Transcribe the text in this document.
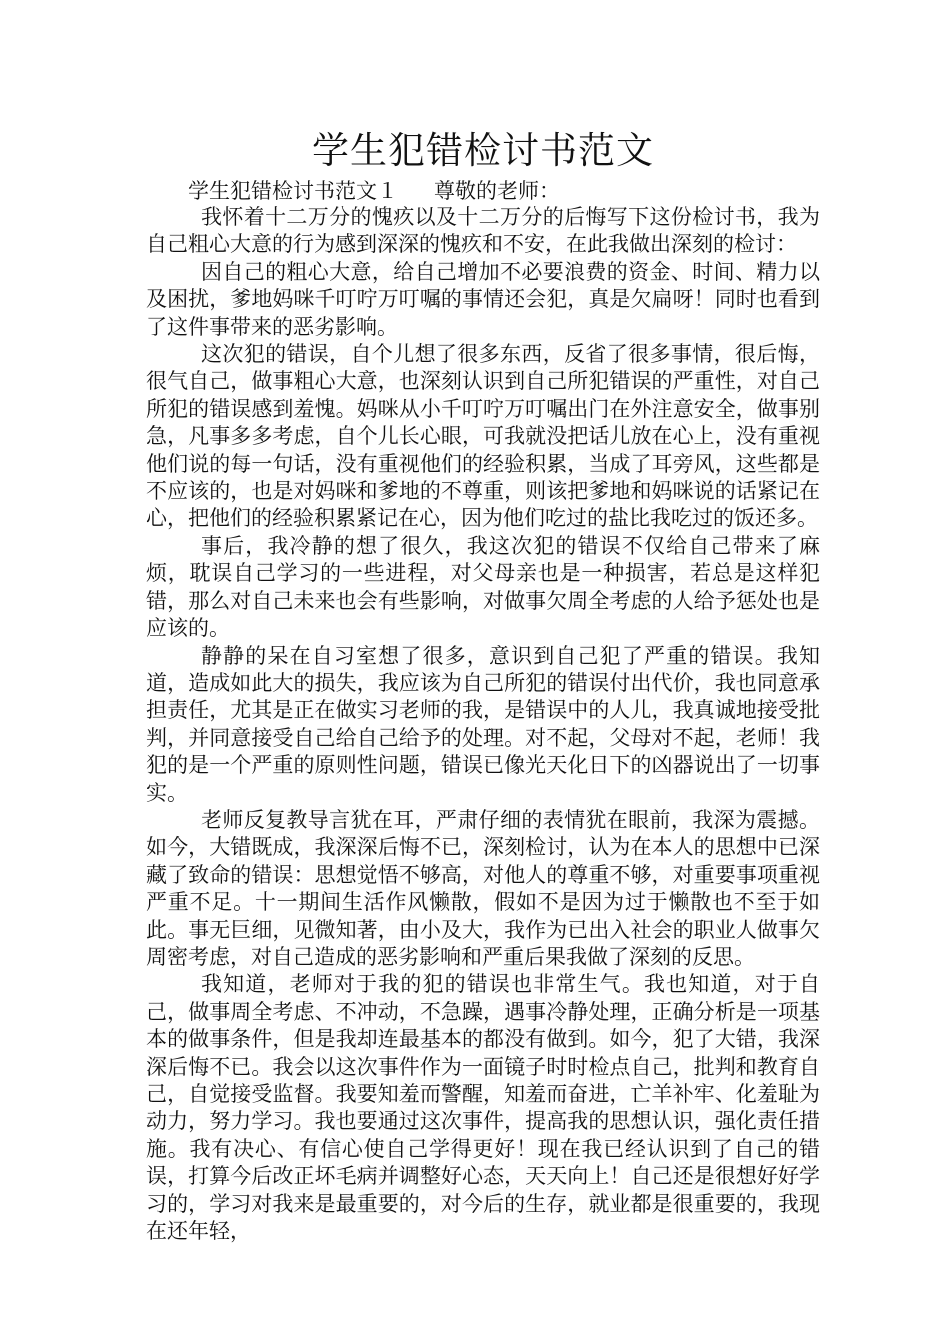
学生犯错检讨书范文
学生犯错检讨书范文１ 尊敬的老师：

我怀着十二万分的愧疚以及十二万分的后悔写下这份检讨书，我为自己粗心大意的行为感到深深的愧疚和不安，在此我做出深刻的检讨：

因自己的粗心大意，给自己增加不必要浪费的资金、时间、精力以及困扰，爹地妈咪千叮咛万叮嘱的事情还会犯，真是欠扁呀！同时也看到了这件事带来的恶劣影响。

这次犯的错误，自个儿想了很多东西，反省了很多事情，很后悔，很气自己，做事粗心大意，也深刻认识到自己所犯错误的严重性，对自己所犯的错误感到羞愧。妈咪从小千叮咛万叮嘱出门在外注意安全，做事别急，凡事多多考虑，自个儿长心眼，可我就没把话儿放在心上，没有重视他们说的每一句话，没有重视他们的经验积累，当成了耳旁风，这些都是不应该的，也是对妈咪和爹地的不尊重，则该把爹地和妈咪说的话紧记在心，把他们的经验积累紧记在心，因为他们吃过的盐比我吃过的饭还多。

事后，我冷静的想了很久，我这次犯的错误不仅给自己带来了麻烦，耽误自己学习的一些进程，对父母亲也是一种损害，若总是这样犯错，那么对自己未来也会有些影响，对做事欠周全考虑的人给予惩处也是应该的。

静静的呆在自习室想了很多，意识到自己犯了严重的错误。我知道，造成如此大的损失，我应该为自己所犯的错误付出代价，我也同意承担责任，尤其是正在做实习老师的我，是错误中的人儿，我真诚地接受批判，并同意接受自己给自己给予的处理。对不起，父母对不起，老师！我犯的是一个严重的原则性问题，错误已像光天化日下的凶器说出了一切事实。

老师反复教导言犹在耳，严肃仔细的表情犹在眼前，我深为震撼。如今，大错既成，我深深后悔不已，深刻检讨，认为在本人的思想中已深藏了致命的错误：思想觉悟不够高，对他人的尊重不够，对重要事项重视严重不足。十一期间生活作风懒散，假如不是因为过于懒散也不至于如此。事无巨细，见微知著，由小及大，我作为已出入社会的职业人做事欠周密考虑，对自己造成的恶劣影响和严重后果我做了深刻的反思。

我知道，老师对于我的犯的错误也非常生气。我也知道，对于自己，做事周全考虑、不冲动，不急躁，遇事冷静处理，正确分析是一项基本的做事条件，但是我却连最基本的都没有做到。如今，犯了大错，我深深后悔不已。我会以这次事件作为一面镜子时时检点自己，批判和教育自己，自觉接受监督。我要知羞而警醒，知羞而奋进，亡羊补牢、化羞耻为动力，努力学习。我也要通过这次事件，提高我的思想认识，强化责任措施。我有决心、有信心使自己学得更好！现在我已经认识到了自己的错误，打算今后改正坏毛病并调整好心态，天天向上！自己还是很想好好学习的，学习对我来是最重要的，对今后的生存，就业都是很重要的，我现在还年轻，
